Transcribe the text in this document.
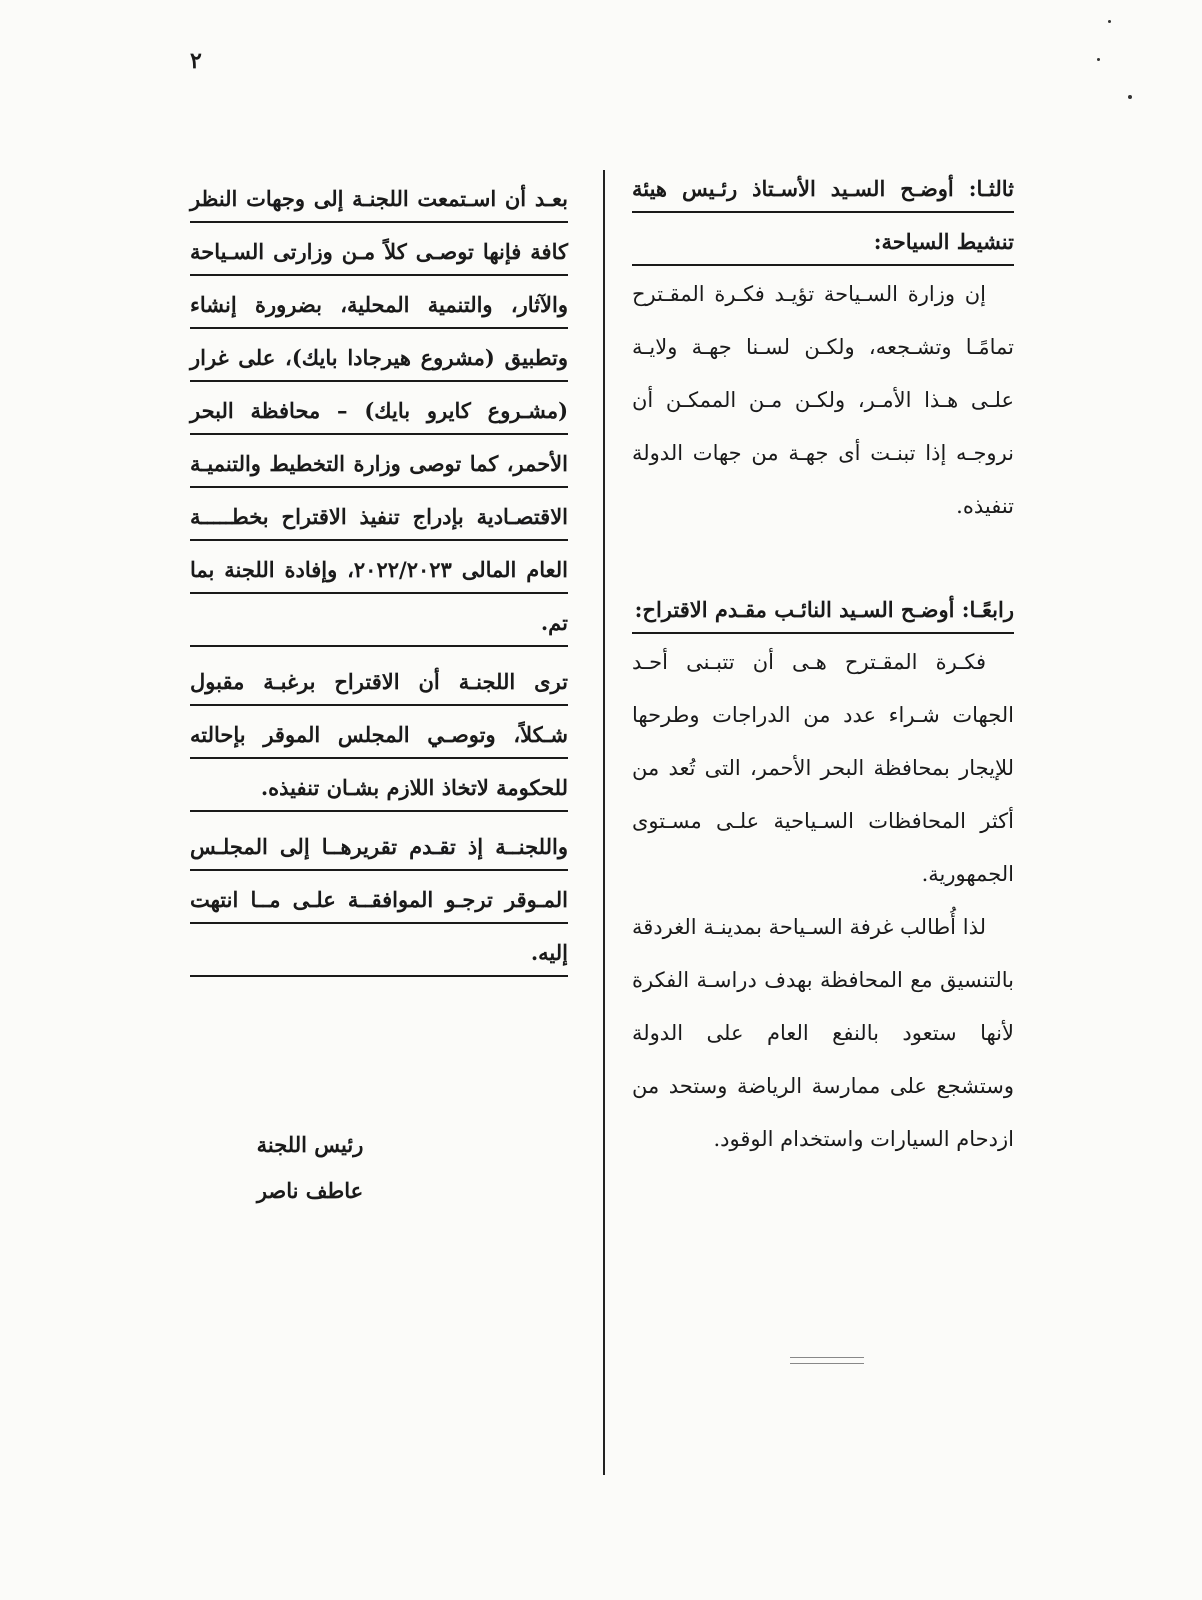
٢

ثالثـا: أوضـح السـيد الأسـتاذ رئـيس هيئة تنشيط السياحة:

إن وزارة السـياحة تؤيـد فكـرة المقـترح تمامًـا وتشـجعه، ولكـن لسـنا جهـة ولايـة علـى هـذا الأمـر، ولكـن مـن الممكـن أن نروجـه إذا تبنـت أى جهـة من جهات الدولة تنفيذه.

رابعًـا: أوضـح السـيد النائـب مقـدم الاقتراح:

فكـرة المقـترح هـى أن تتبـنى أحـد الجهات شـراء عدد من الدراجات وطرحها للإيجار بمحافظة البحر الأحمر، التى تُعد من أكثر المحافظات السـياحية علـى مسـتوى الجمهورية.

لذا أُطالب غرفة السـياحة بمدينـة الغردقة بالتنسيق مع المحافظة بهدف دراسـة الفكرة لأنها ستعود بالنفع العام على الدولة وستشجع على ممارسة الرياضة وستحد من ازدحام السيارات واستخدام الوقود.

بعـد أن اسـتمعت اللجنـة إلى وجهات النظر كافة فإنها توصـى كلاً مـن وزارتى السـياحة والآثار، والتنمية المحلية، بضرورة إنشاء وتطبيق (مشروع هيرجادا بايك)، على غرار (مشـروع كايرو بايك) – محافظة البحر الأحمر، كما توصى وزارة التخطيط والتنميـة الاقتصـادية بإدراج تنفيذ الاقتراح بخطـــــة العام المالى ٢٠٢٢/٢٠٢٣، وإفادة اللجنة بما تم.

ترى اللجنـة أن الاقتراح برغبـة مقبول شـكلاً، وتوصـي المجلس الموقر بإحالته للحكومة لاتخاذ اللازم بشـان تنفيذه.

واللجنــة إذ تقـدم تقريرهــا إلى المجلـس المـوقر ترجـو الموافقــة علـى مــا انتهت إليه.

رئيس اللجنة
عاطف ناصر
